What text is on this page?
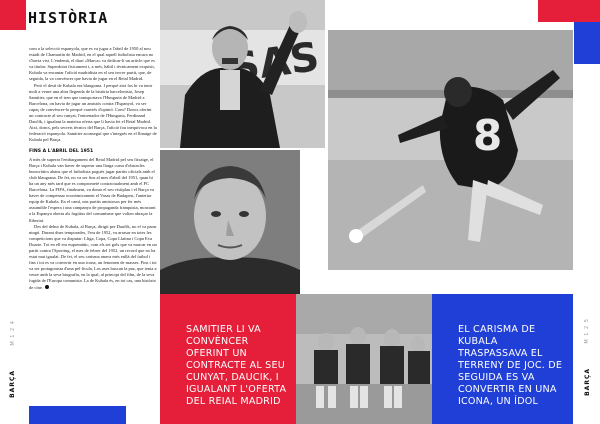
HISTÒRIA
M 1 2 4
BARÇA
M 1 2 5
BARÇA

com a la selecció espanyola, que es va jugar a l'abril de 1950 al nou estadi de Chamartín de Madrid, en el qual aquell futbolista encara no s'havia vist. L'endemà, el diari «Marca» va dedicar-li un article que es va titular: Superdotat físicament i, a més, hàbil i tècnicament exquisit, Kubala va encantar l'afició madridista en el seu tercer partit, que, de seguida, la va convèncer que havia de jugar en el Reial Madrid.

Però el destí de Kubala era blaugrana. I perquè així fos hi va tenir molt a veure una altra llegenda de la història barcelonista, Josep Samitier, que en el tren que transportava l'Hungaria de Madrid a Barcelona, on havia de jugar un amistós contra l'Espanyol, va ser capaç de convèncer-lo perquè canviés d'opinió. Com? Doncs oferint un contracte al seu cunyat, l'entrenador de l'Hungaria, Ferdinand Daučík, i igualant la mateixa oferta que li havia fet el Reial Madrid. Així, doncs, pels secrets tècnics del Barça, l'afició fou inequívoca en la federació espanyola. Samitier aconseguí que s'integrés en el llinatge de Kubala pel Barça.

FINS A L'ABRIL DEL 1951

A més de superar l'embargament del Reial Madrid pel seu fitxatge, el Barça i Kubala van haver de superar una llarga cursa d'obstacles burocràtics abans que el futbolista pogués jugar partits oficials amb el club blaugrana. De fet, no va ser fins al mes d'abril del 1951, quan hi ha un any més tard que es comprometé contractualment amb el FC Barcelona. La FIFA, finalment, va donar el seu vistiplau i el Barça va haver de compensar econòmicament el Vasas de Budapest, l'anterior equip de Kubala. En el camí, uns partits amistosos per fer més assumible l'espera i una campanya de propaganda franquista, mostrant a la Espanya oberta als fugitius del comunisme que volien abraçar la llibertat.

Des del debut de Kubala, al Barça, dirigit per Daučík, no el va parar ningú. Durant dues temporades, l'era de 1952, va arrasar en totes les competicions que va disputar: Lliga, Copa, Copa Llatina i Copa Eva Duarte. Tot en ell era esquemàtic, com els set gols que va marcar en un partit contra l'Sporting, el mes de febrer del 1952, un record que no ha estat mai igualat. De fet, el seu carisma anava més enllà del futbol i fins i tot es va convertir en una icona, un fenomen de masses. Fins i tot va ser protagonista d'una pel·lícula, Los ases buscan la paz, que tenia a veure amb la seva biografia, en la qual, al principi del film, de la seva fugida de l'Europa comunista. La de Kubala és, en tot cas, una història de cine.

8
SAMITIER LI VA CONVÈNCER OFERINT UN CONTRACTE AL SEU CUNYAT, DAUCIK, I IGUALANT L'OFERTA DEL REIAL MADRID
EL CARISMA DE KUBALA TRASPASSAVA EL TERRENY DE JOC. DE SEGUIDA ES VA CONVERTIR EN UNA ICONA, UN ÍDOL
